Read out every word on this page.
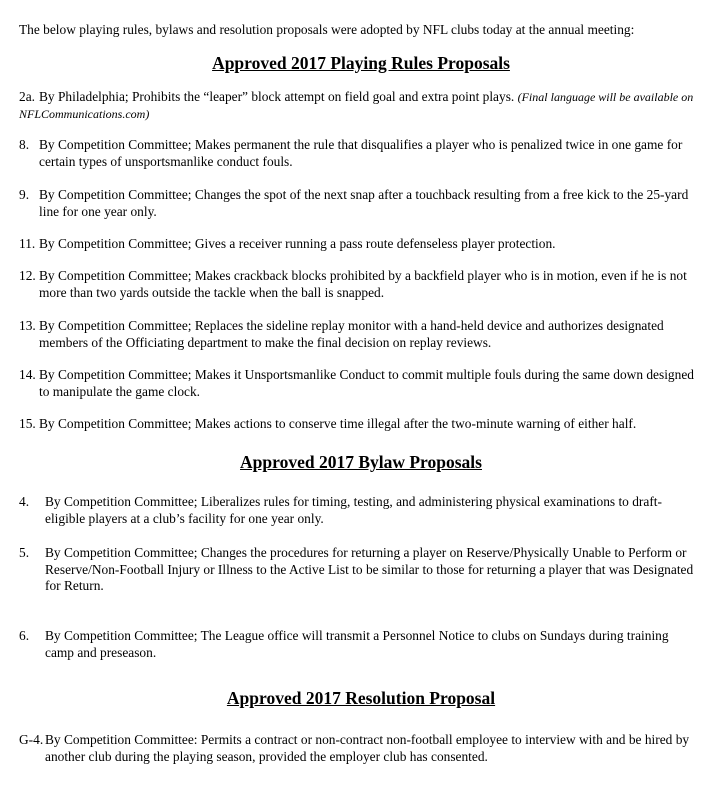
The below playing rules, bylaws and resolution proposals were adopted by NFL clubs today at the annual meeting:
Approved 2017 Playing Rules Proposals
2a. By Philadelphia; Prohibits the “leaper” block attempt on field goal and extra point plays. (Final language will be available on NFLCommunications.com)
8. By Competition Committee; Makes permanent the rule that disqualifies a player who is penalized twice in one game for certain types of unsportsmanlike conduct fouls.
9. By Competition Committee; Changes the spot of the next snap after a touchback resulting from a free kick to the 25-yard line for one year only.
11. By Competition Committee; Gives a receiver running a pass route defenseless player protection.
12. By Competition Committee; Makes crackback blocks prohibited by a backfield player who is in motion, even if he is not more than two yards outside the tackle when the ball is snapped.
13. By Competition Committee; Replaces the sideline replay monitor with a hand-held device and authorizes designated members of the Officiating department to make the final decision on replay reviews.
14. By Competition Committee; Makes it Unsportsmanlike Conduct to commit multiple fouls during the same down designed to manipulate the game clock.
15. By Competition Committee; Makes actions to conserve time illegal after the two-minute warning of either half.
Approved 2017 Bylaw Proposals
4.	By Competition Committee; Liberalizes rules for timing, testing, and administering physical examinations to draft-eligible players at a club’s facility for one year only.
5.	By Competition Committee; Changes the procedures for returning a player on Reserve/Physically Unable to Perform or Reserve/Non-Football Injury or Illness to the Active List to be similar to those for returning a player that was Designated for Return.
6.	By Competition Committee; The League office will transmit a Personnel Notice to clubs on Sundays during training camp and preseason.
Approved 2017 Resolution Proposal
G-4. By Competition Committee: Permits a contract or non-contract non-football employee to interview with and be hired by another club during the playing season, provided the employer club has consented.
